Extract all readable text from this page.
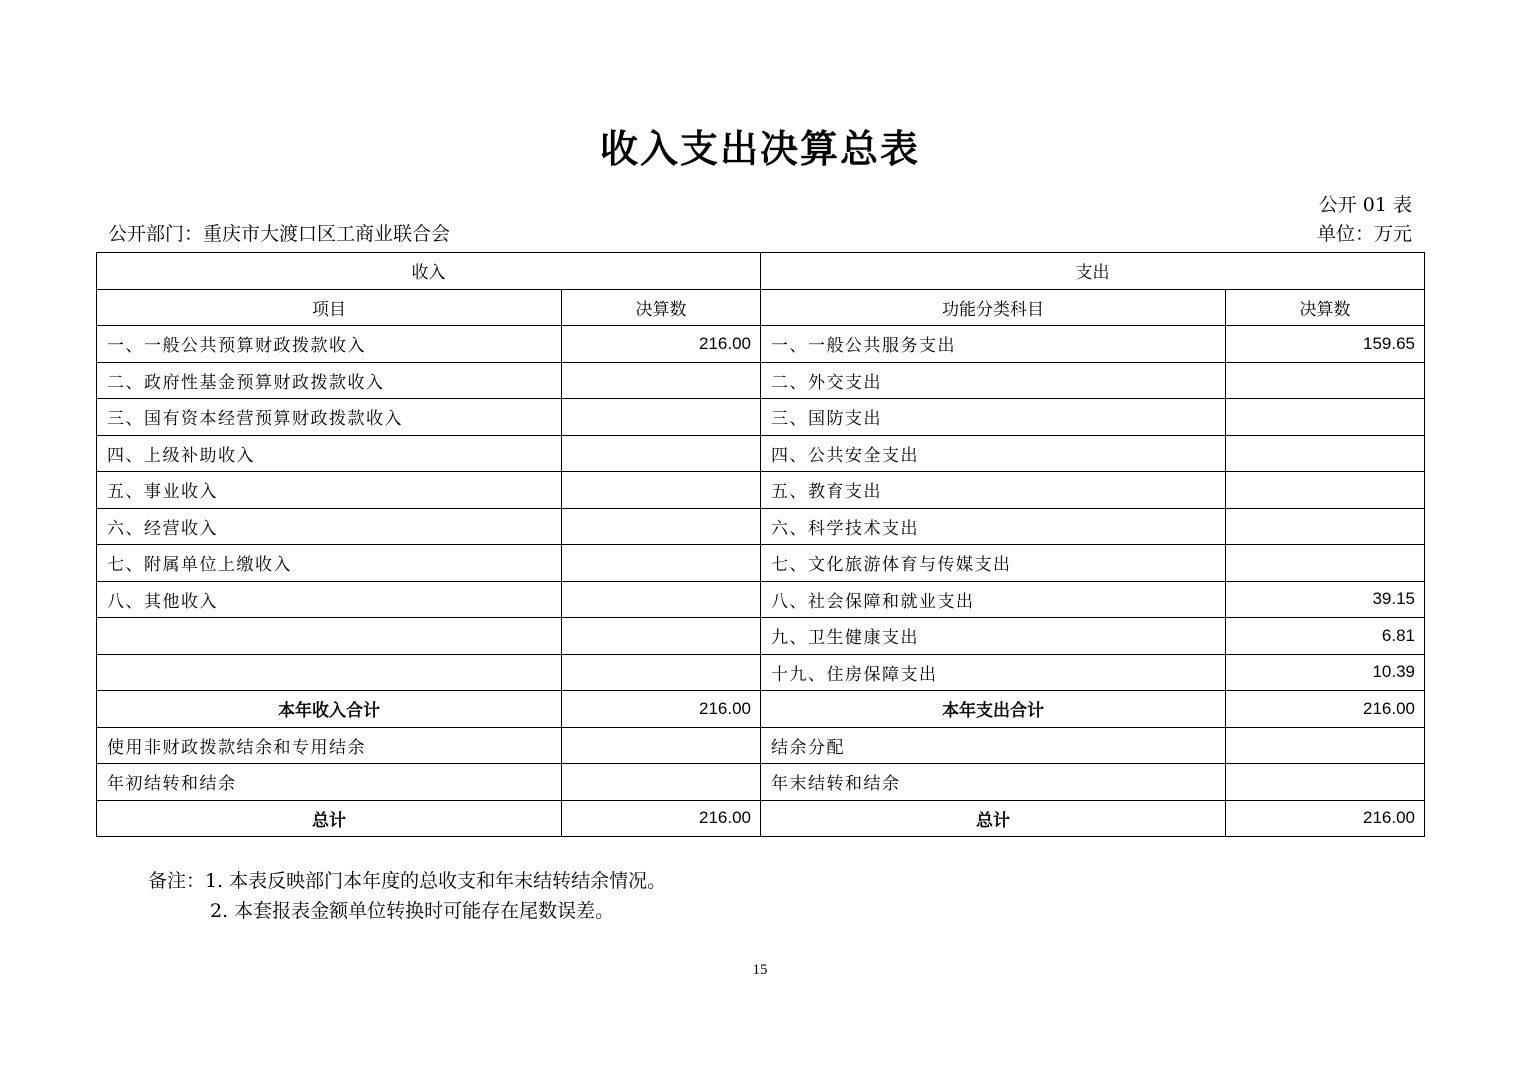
收入支出决算总表
公开 01 表
公开部门：重庆市大渡口区工商业联合会	单位：万元
收入		支出	
项目	决算数	功能分类科目	决算数
一、一般公共预算财政拨款收入	216.00	一、一般公共服务支出	159.65
二、政府性基金预算财政拨款收入		二、外交支出	
三、国有资本经营预算财政拨款收入		三、国防支出	
四、上级补助收入		四、公共安全支出	
五、事业收入		五、教育支出	
六、经营收入		六、科学技术支出	
七、附属单位上缴收入		七、文化旅游体育与传媒支出	
八、其他收入		八、社会保障和就业支出	39.15
		九、卫生健康支出	6.81
		十九、住房保障支出	10.39
本年收入合计	216.00	本年支出合计	216.00
使用非财政拨款结余和专用结余		结余分配	
年初结转和结余		年末结转和结余	
总计	216.00	总计	216.00
备注：1. 本表反映部门本年度的总收支和年末结转结余情况。
2. 本套报表金额单位转换时可能存在尾数误差。
15
